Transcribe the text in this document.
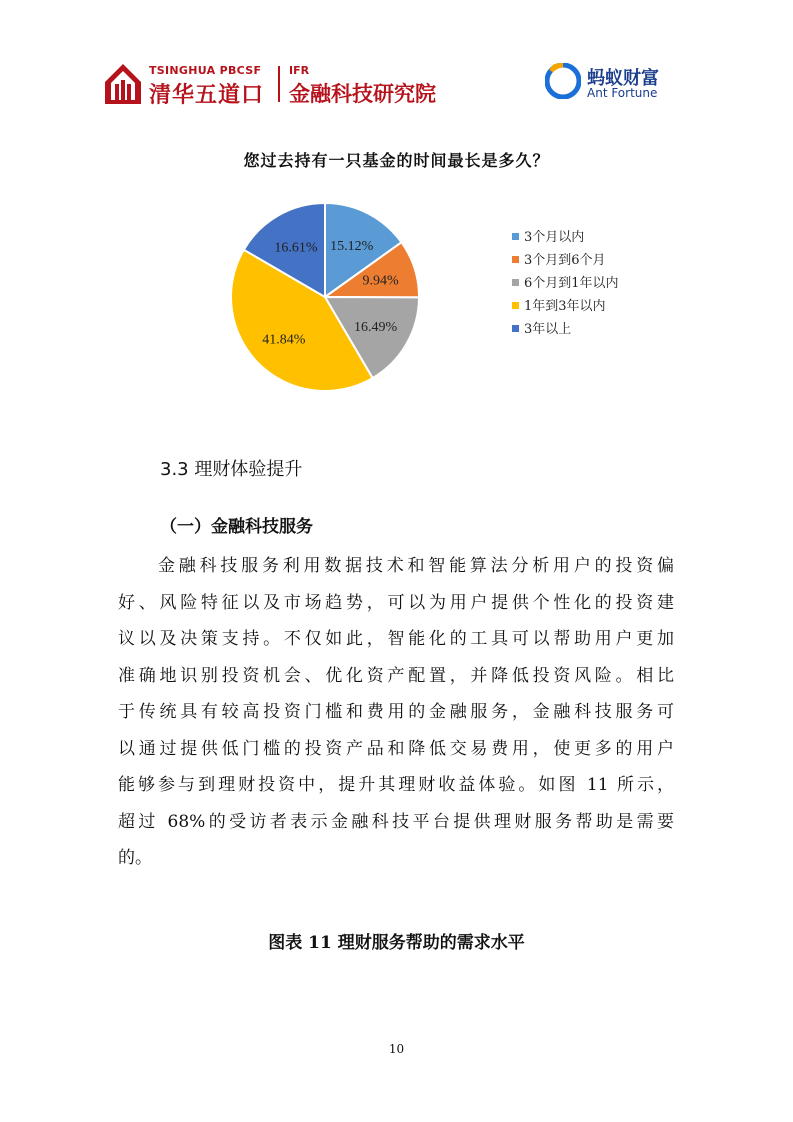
TSINGHUA PBCSF
清华五道口
IFR
金融科技研究院
蚂蚁财富
Ant Fortune
您过去持有一只基金的时间最长是多久？
15.12%
9.94%
16.49%
41.84%
16.61%
3个月以内
3个月到6个月
6个月到1年以内
1年到3年以内
3年以上
3.3 理财体验提升
（一）金融科技服务

金融科技服务利用数据技术和智能算法分析用户的投资偏
好、风险特征以及市场趋势，可以为用户提供个性化的投资建
议以及决策支持。不仅如此，智能化的工具可以帮助用户更加
准确地识别投资机会、优化资产配置，并降低投资风险。相比
于传统具有较高投资门槛和费用的金融服务，金融科技服务可
以通过提供低门槛的投资产品和降低交易费用，使更多的用户
能够参与到理财投资中，提升其理财收益体验。如图 11 所示，
超过 68%的受访者表示金融科技平台提供理财服务帮助是需要
的。

图表 11 理财服务帮助的需求水平
10
